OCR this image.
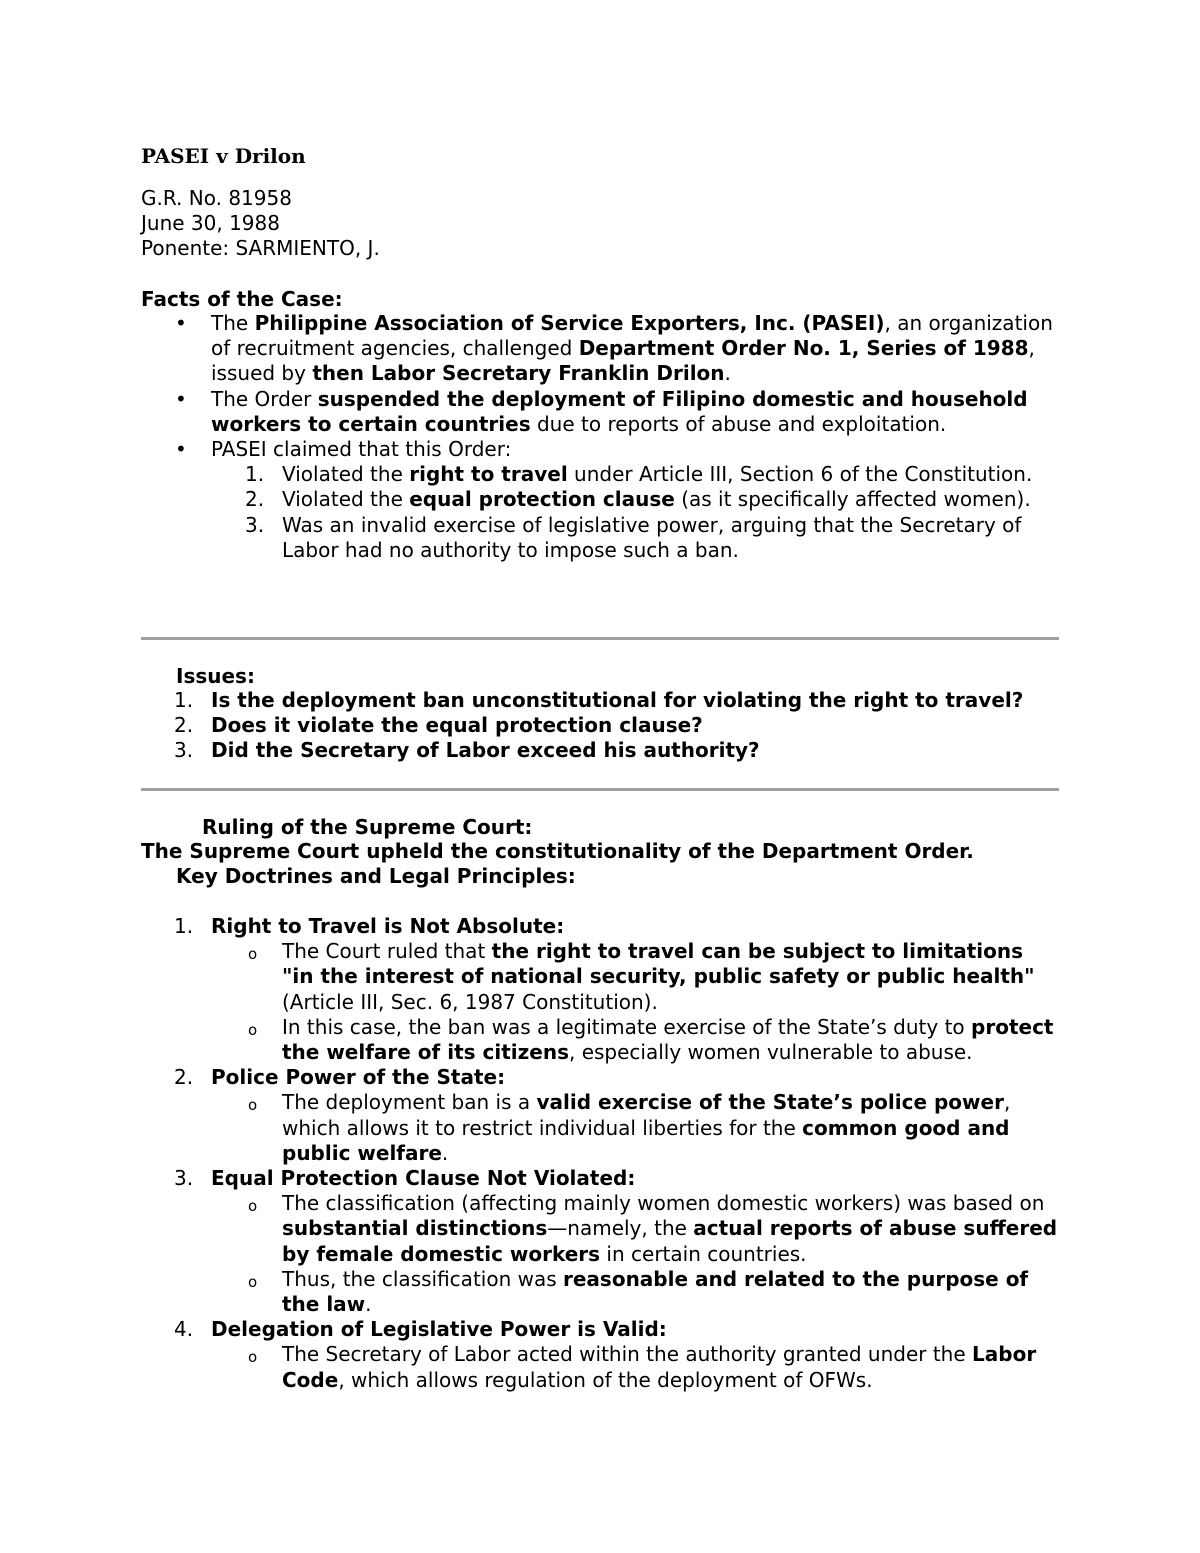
PASEI v Drilon
G.R. No. 81958
June 30, 1988
Ponente: SARMIENTO, J.
Facts of the Case:
• The Philippine Association of Service Exporters, Inc. (PASEI), an organization of recruitment agencies, challenged Department Order No. 1, Series of 1988, issued by then Labor Secretary Franklin Drilon.
• The Order suspended the deployment of Filipino domestic and household workers to certain countries due to reports of abuse and exploitation.
• PASEI claimed that this Order:
1. Violated the right to travel under Article III, Section 6 of the Constitution.
2. Violated the equal protection clause (as it specifically affected women).
3. Was an invalid exercise of legislative power, arguing that the Secretary of Labor had no authority to impose such a ban.
Issues:
1. Is the deployment ban unconstitutional for violating the right to travel?
2. Does it violate the equal protection clause?
3. Did the Secretary of Labor exceed his authority?
Ruling of the Supreme Court:
The Supreme Court upheld the constitutionality of the Department Order.
Key Doctrines and Legal Principles:
1. Right to Travel is Not Absolute:
o The Court ruled that the right to travel can be subject to limitations "in the interest of national security, public safety or public health" (Article III, Sec. 6, 1987 Constitution).
o In this case, the ban was a legitimate exercise of the State’s duty to protect the welfare of its citizens, especially women vulnerable to abuse.
2. Police Power of the State:
o The deployment ban is a valid exercise of the State’s police power, which allows it to restrict individual liberties for the common good and public welfare.
3. Equal Protection Clause Not Violated:
o The classification (affecting mainly women domestic workers) was based on substantial distinctions—namely, the actual reports of abuse suffered by female domestic workers in certain countries.
o Thus, the classification was reasonable and related to the purpose of the law.
4. Delegation of Legislative Power is Valid:
o The Secretary of Labor acted within the authority granted under the Labor Code, which allows regulation of the deployment of OFWs.
